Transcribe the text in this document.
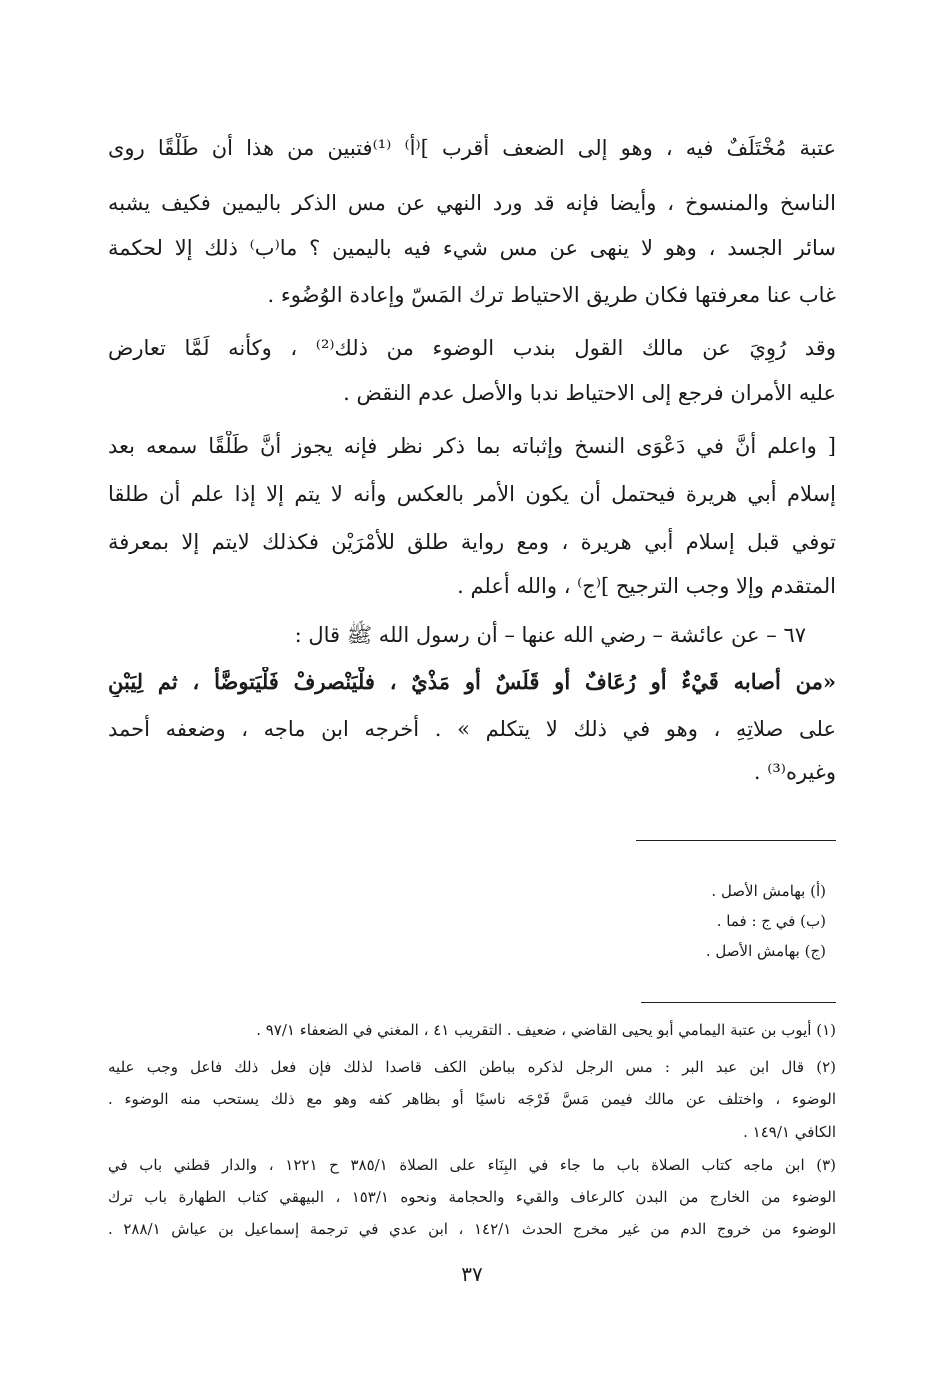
عتبة مُخْتَلَفٌ فيه ، وهو إلى الضعف أقرب ]⁽أ⁾ ⁽¹⁾فتبين من هذا أن طَلْقًا روى
الناسخ والمنسوخ ، وأيضا فإنه قد ورد النهي عن مس الذكر باليمين فكيف يشبه
سائر الجسد ، وهو لا ينهى عن مس شيء فيه باليمين ؟ ما⁽ب⁾ ذلك إلا لحكمة
غاب عنا معرفتها فكان طريق الاحتياط ترك المَسّ وإعادة الوُضُوء .
وقد رُوِيَ عن مالك القول بندب الوضوء من ذلك⁽²⁾ ، وكأنه لَمَّا تعارض
عليه الأمران فرجع إلى الاحتياط ندبا والأصل عدم النقض .
[ واعلم أنَّ في دَعْوَى النسخ وإثباته بما ذكر نظر فإنه يجوز أنَّ طَلْقًا سمعه بعد
إسلام أبي هريرة فيحتمل أن يكون الأمر بالعكس وأنه لا يتم إلا إذا علم أن طلقا
توفي قبل إسلام أبي هريرة ، ومع رواية طلق للأمْرَيْن فكذلك لايتم إلا بمعرفة
المتقدم وإلا وجب الترجيح ]⁽ج⁾ ، والله أعلم .
٦٧ – عن عائشة – رضي الله عنها – أن رسول الله ﷺ قال :
«من أصابه قَيْءٌ أو رُعَافٌ أو قَلَسٌ أو مَذْيٌ ، فلْيَنْصرفْ فَلْيَتوضَّأْ ، ثم لِيَبْنِ
على صلاتِهِ ، وهو في ذلك لا يتكلم » . أخرجه ابن ماجه ، وضعفه أحمد
وغيره⁽³⁾ .
(أ) بهامش الأصل .
(ب) في ج : فما .
(ج) بهامش الأصل .
(١) أيوب بن عتبة اليمامي أبو يحيى القاضي ، ضعيف . التقريب ٤١ ، المغني في الضعفاء ٩٧/١ .
(٢) قال ابن عبد البر : مس الرجل لذكره بباطن الكف قاصدا لذلك فإن فعل ذلك فاعل وجب عليه
الوضوء ، واختلف عن مالك فيمن مَسَّ فَرْجَه ناسيًا أو بظاهر كفه وهو مع ذلك يستحب منه الوضوء .
الكافي ١٤٩/١ .
(٣) ابن ماجه كتاب الصلاة باب ما جاء في البِنَاء على الصلاة ٣٨٥/١ ح ١٢٢١ ، والدار قطني باب في
الوضوء من الخارج من البدن كالرعاف والقيء والحجامة ونحوه ١٥٣/١ ، البيهقي كتاب الطهارة باب ترك
الوضوء من خروج الدم من غير مخرج الحدث ١٤٢/١ ، ابن عدي في ترجمة إسماعيل بن عياش ٢٨٨/١ .
٣٧
